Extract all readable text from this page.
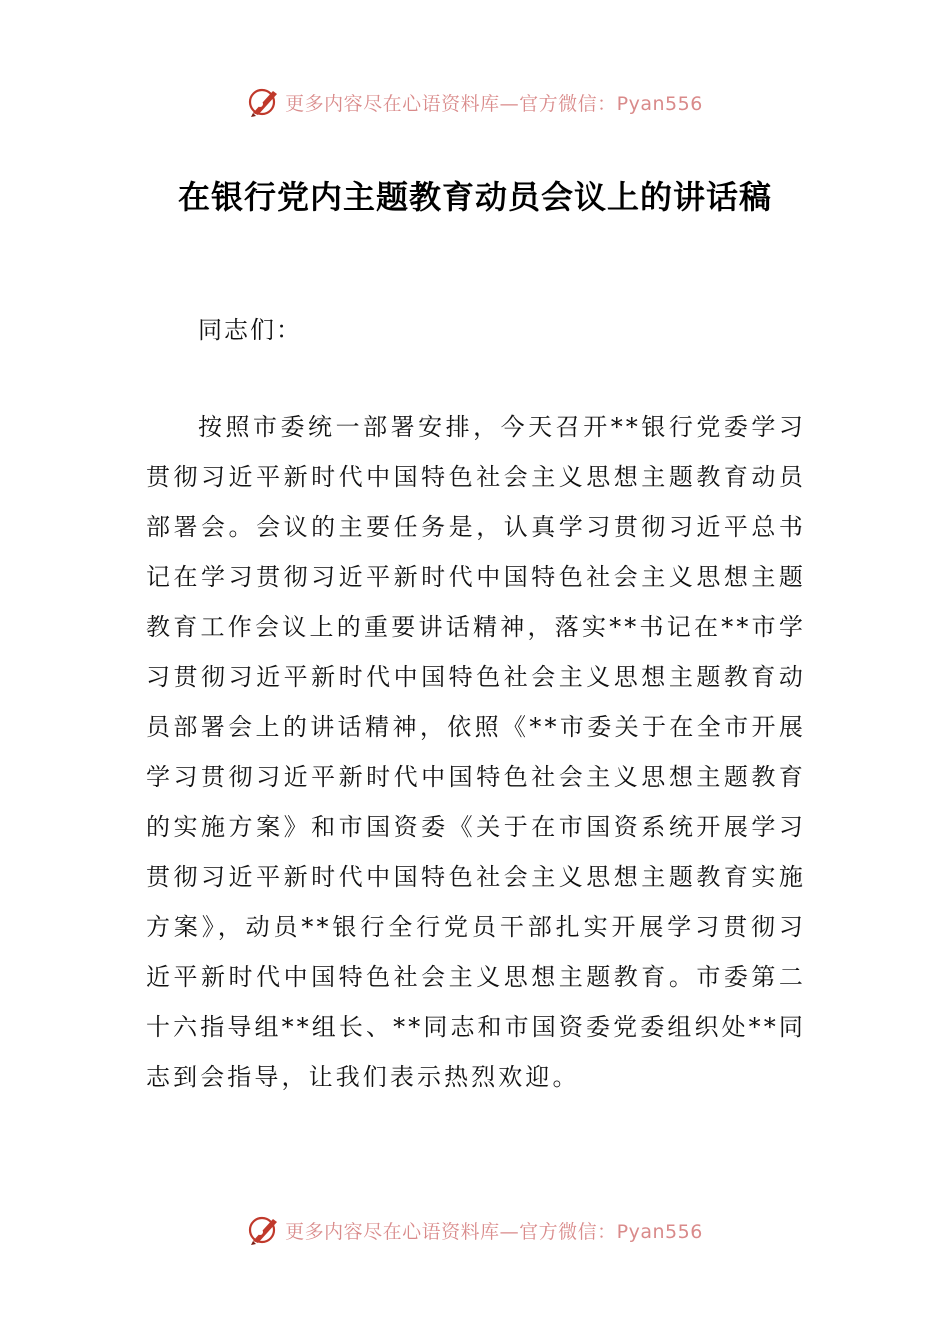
更多内容尽在心语资料库—官方微信：Pyan556
在银行党内主题教育动员会议上的讲话稿

同志们：

按照市委统一部署安排，今天召开**银行党委学习贯彻习近平新时代中国特色社会主义思想主题教育动员部署会。会议的主要任务是，认真学习贯彻习近平总书记在学习贯彻习近平新时代中国特色社会主义思想主题教育工作会议上的重要讲话精神，落实**书记在**市学习贯彻习近平新时代中国特色社会主义思想主题教育动员部署会上的讲话精神，依照《**市委关于在全市开展学习贯彻习近平新时代中国特色社会主义思想主题教育的实施方案》和市国资委《关于在市国资系统开展学习贯彻习近平新时代中国特色社会主义思想主题教育实施方案》，动员**银行全行党员干部扎实开展学习贯彻习近平新时代中国特色社会主义思想主题教育。市委第二十六指导组**组长、**同志和市国资委党委组织处**同志到会指导，让我们表示热烈欢迎。

更多内容尽在心语资料库—官方微信：Pyan556
